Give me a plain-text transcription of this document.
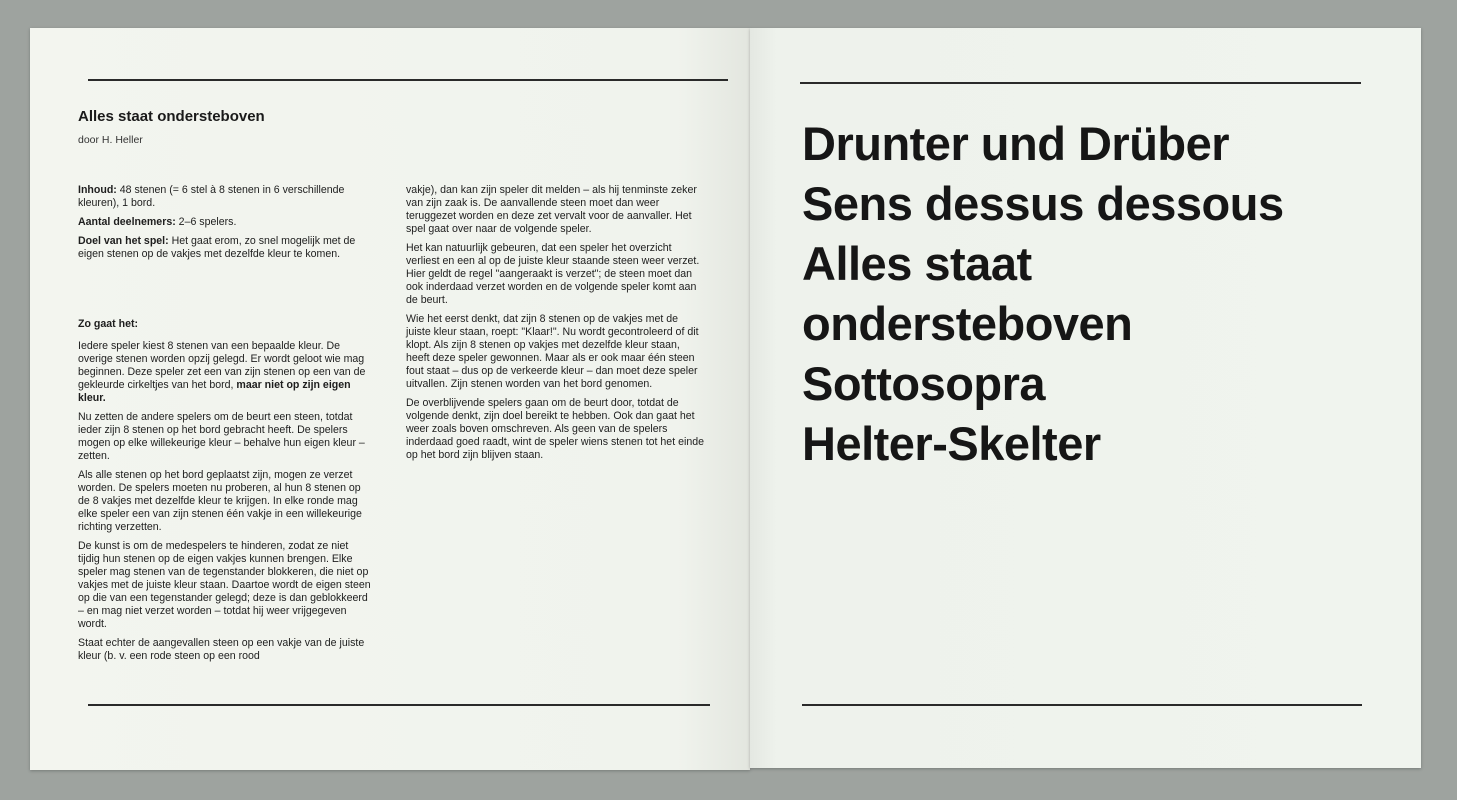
Alles staat ondersteboven

door H. Heller

Inhoud: 48 stenen (= 6 stel à 8 stenen in 6 verschillende kleuren), 1 bord.

Aantal deelnemers: 2–6 spelers.

Doel van het spel: Het gaat erom, zo snel mogelijk met de eigen stenen op de vakjes met dezelfde kleur te komen.

Zo gaat het:

Iedere speler kiest 8 stenen van een bepaalde kleur. De overige stenen worden opzij gelegd. Er wordt geloot wie mag beginnen. Deze speler zet een van zijn stenen op een van de gekleurde cirkeltjes van het bord, maar niet op zijn eigen kleur.

Nu zetten de andere spelers om de beurt een steen, totdat ieder zijn 8 stenen op het bord gebracht heeft. De spelers mogen op elke willekeurige kleur – behalve hun eigen kleur – zetten.

Als alle stenen op het bord geplaatst zijn, mogen ze verzet worden. De spelers moeten nu proberen, al hun 8 stenen op de 8 vakjes met dezelfde kleur te krijgen. In elke ronde mag elke speler een van zijn stenen één vakje in een willekeurige richting verzetten.

De kunst is om de medespelers te hinderen, zodat ze niet tijdig hun stenen op de eigen vakjes kunnen brengen. Elke speler mag stenen van de tegenstander blokkeren, die niet op vakjes met de juiste kleur staan. Daartoe wordt de eigen steen op die van een tegenstander gelegd; deze is dan geblokkeerd – en mag niet verzet worden – totdat hij weer vrijgegeven wordt.

Staat echter de aangevallen steen op een vakje van de juiste kleur (b. v. een rode steen op een rood

vakje), dan kan zijn speler dit melden – als hij tenminste zeker van zijn zaak is. De aanvallende steen moet dan weer teruggezet worden en deze zet vervalt voor de aanvaller. Het spel gaat over naar de volgende speler.

Het kan natuurlijk gebeuren, dat een speler het overzicht verliest en een al op de juiste kleur staande steen weer verzet. Hier geldt de regel "aangeraakt is verzet"; de steen moet dan ook inderdaad verzet worden en de volgende speler komt aan de beurt.

Wie het eerst denkt, dat zijn 8 stenen op de vakjes met de juiste kleur staan, roept: "Klaar!". Nu wordt gecontroleerd of dit klopt. Als zijn 8 stenen op vakjes met dezelfde kleur staan, heeft deze speler gewonnen. Maar als er ook maar één steen fout staat – dus op de verkeerde kleur – dan moet deze speler uitvallen. Zijn stenen worden van het bord genomen.

De overblijvende spelers gaan om de beurt door, totdat de volgende denkt, zijn doel bereikt te hebben. Ook dan gaat het weer zoals boven omschreven. Als geen van de spelers inderdaad goed raadt, wint de speler wiens stenen tot het einde op het bord zijn blijven staan.

Drunter und Drüber
Sens dessus dessous
Alles staat
ondersteboven
Sottosopra
Helter-Skelter
